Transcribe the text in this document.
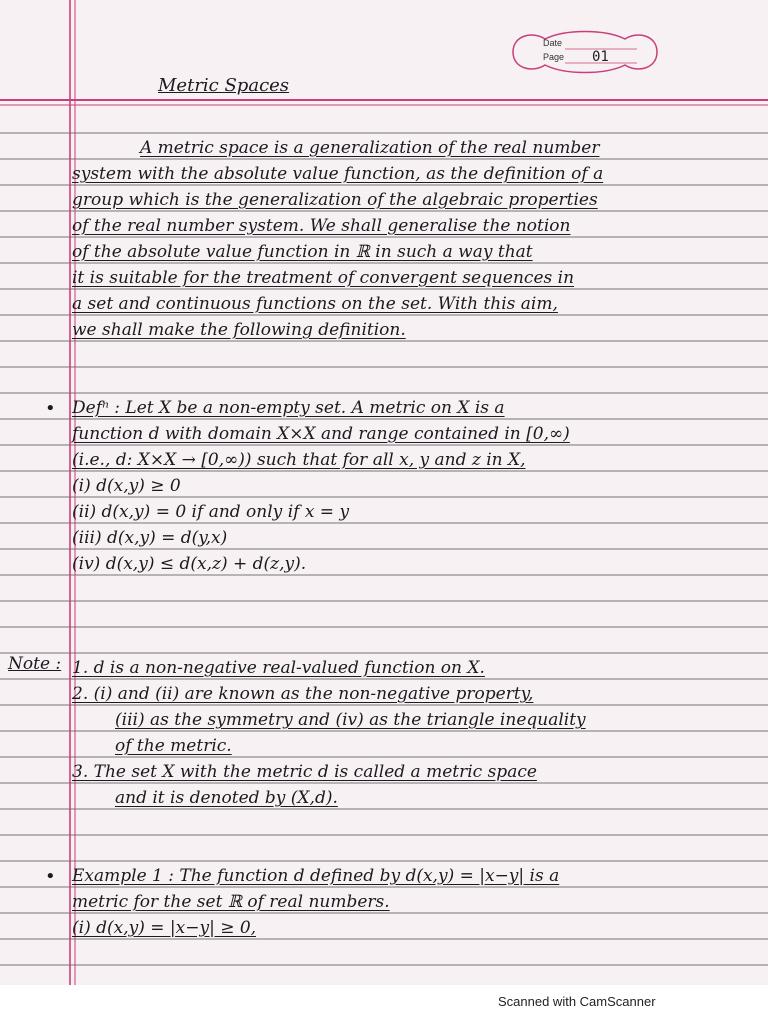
Date
Page 01
Metric Spaces
A metric space is a generalization of the real number
system with the absolute value function, as the definition of a
group which is the generalization of the algebraic properties
of the real number system. We shall generalise the notion
of the absolute value function in ℝ in such a way that
it is suitable for the treatment of convergent sequences in
a set and continuous functions on the set. With this aim,
we shall make the following definition.
• Defⁿ : Let X be a non-empty set. A metric on X is a
function d with domain X×X and range contained in [0,∞)
(i.e., d: X×X → [0,∞)) such that for all x, y and z in X,
(i) d(x,y) ≥ 0
(ii) d(x,y) = 0 if and only if x = y
(iii) d(x,y) = d(y,x)
(iv) d(x,y) ≤ d(x,z) + d(z,y).
Note : 1. d is a non-negative real-valued function on X.
2. (i) and (ii) are known as the non-negative property,
(iii) as the symmetry and (iv) as the triangle inequality
of the metric.
3. The set X with the metric d is called a metric space
and it is denoted by (X,d).
• Example 1 : The function d defined by d(x,y) = |x−y| is a
metric for the set ℝ of real numbers.
(i) d(x,y) = |x−y| ≥ 0,
Scanned with CamScanner
